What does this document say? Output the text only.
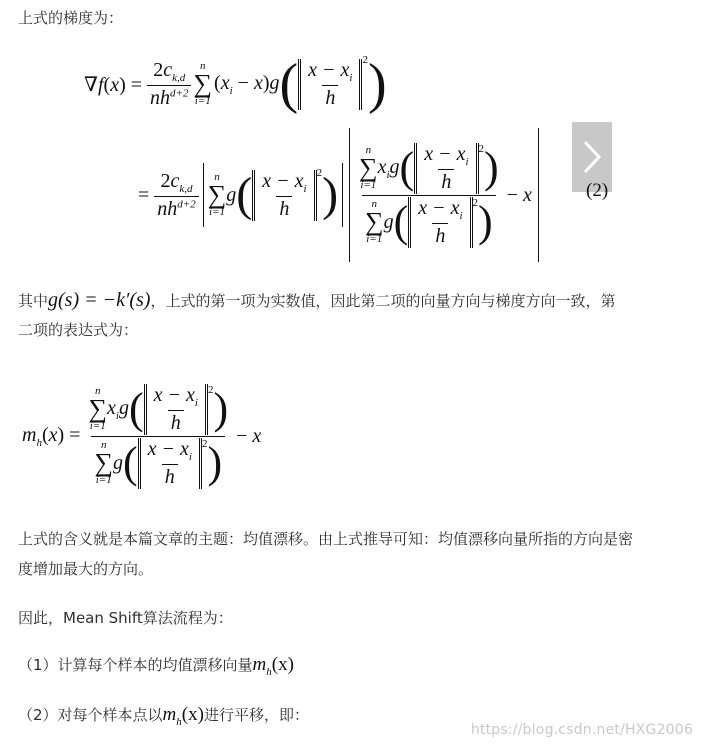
上式的梯度为：

$\nabla f(x) = \frac{2c_{k,d}}{nh^{d+2}}$ n
∑
i=1
$(x_i - x)g$ ( $\frac{x - x_i}{h} ^2$ )
= $\frac{2c_{k,d}}{nh^{d+2}}$ n
∑
i=1
g ( $\frac{x - x_i}{h} ^2$ ) n
∑
i=1
$x_ig$ ( $\frac{x - x_i}{h} ^2$ )
n
∑
i=1
g ( $\frac{x - x_i}{h} ^2$ ) − x	(2)

其中g(s) = −k′(s)，上式的第一项为实数值，因此第二项的向量方向与梯度方向一致，第

二项的表达式为：

$m_h(x) = n$
∑
i=1
$x_ig$ ( $\frac{x - x_i}{h} ^2$ )
n
∑
i=1
g ( $\frac{x - x_i}{h} ^2$ ) − x

上式的含义就是本篇文章的主题：均值漂移。由上式推导可知：均值漂移向量所指的方向是密

度增加最大的方向。

因此，Mean Shift算法流程为：

（1）计算每个样本的均值漂移向量$m_h(x)$

（2）对每个样本点以$m_h(x)$进行平移，即：

https://blog.csdn.net/HXG2006
